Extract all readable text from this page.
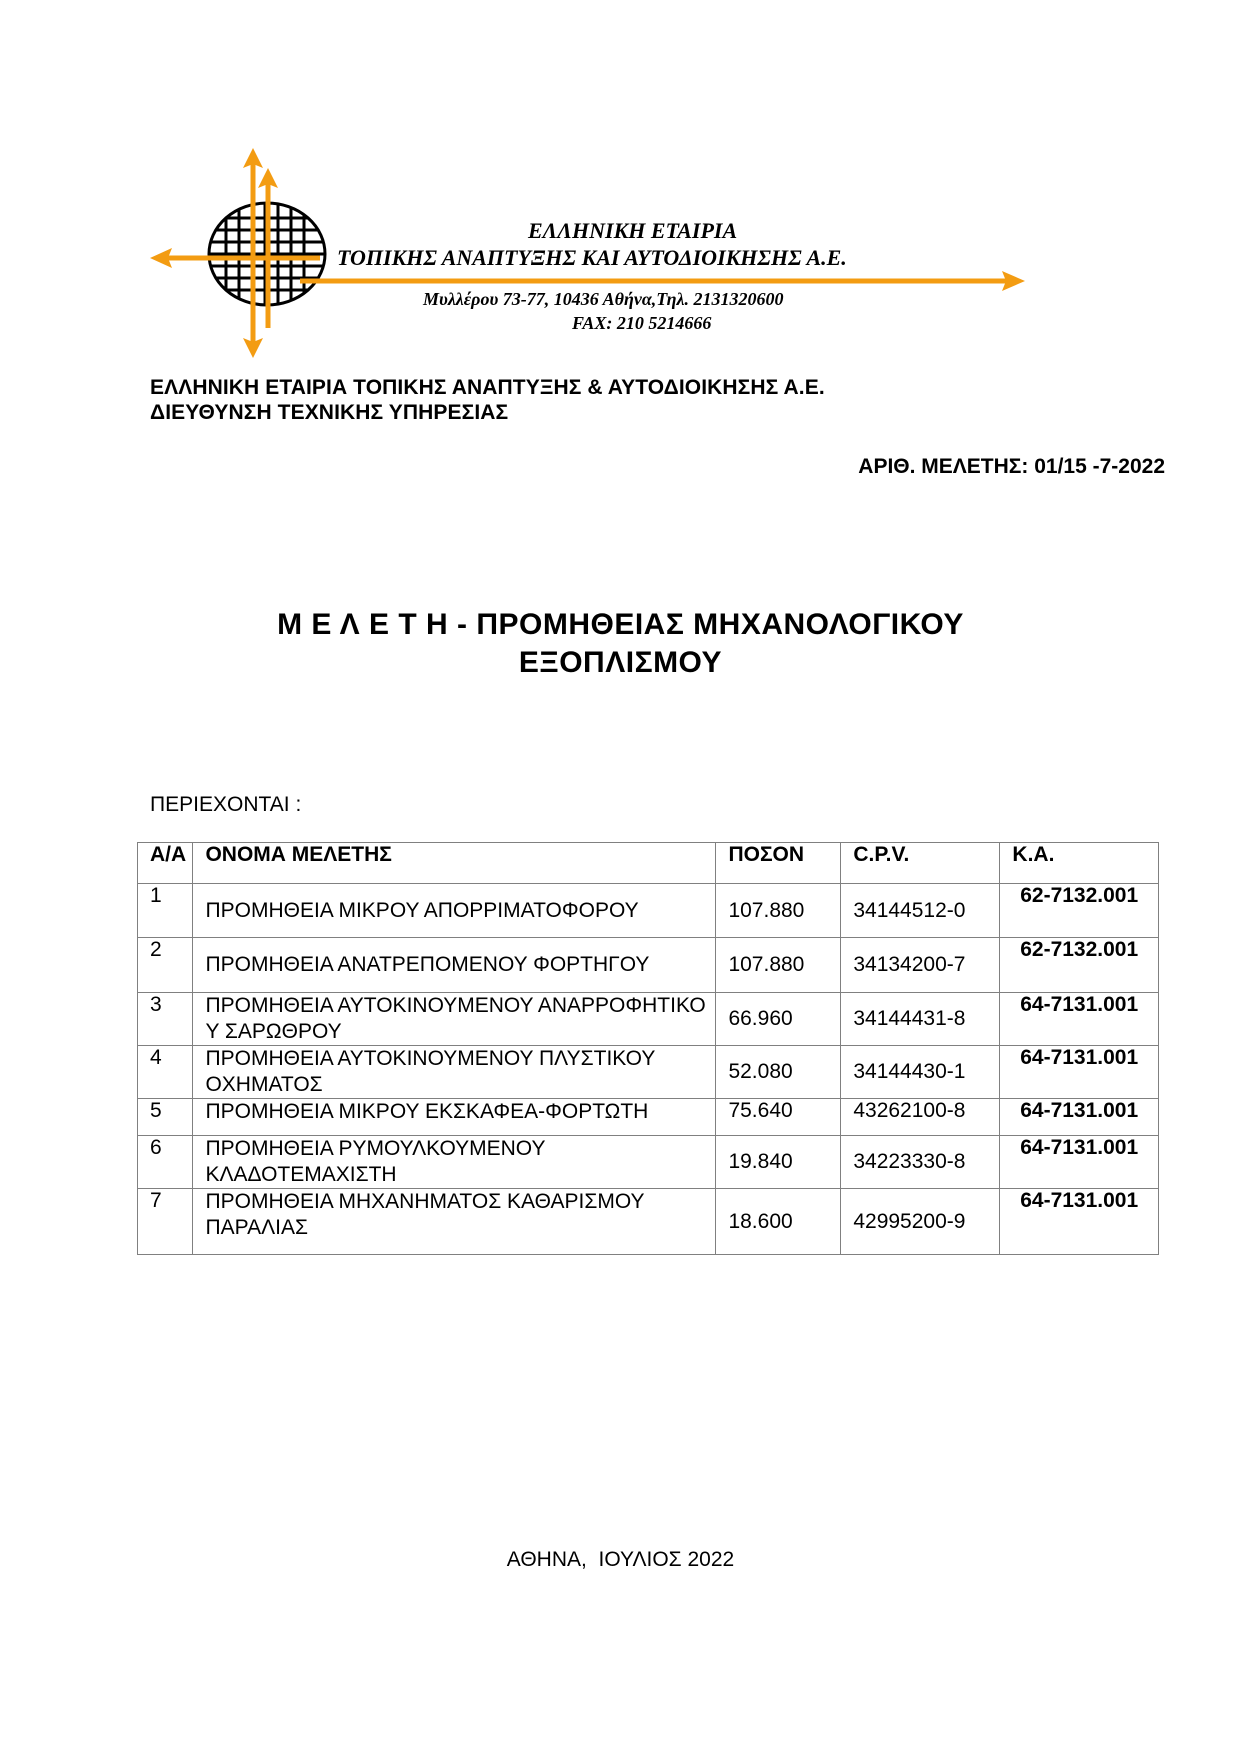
ΕΛΛΗΝΙΚΗ ΕΤΑΙΡΙΑ
ΤΟΠΙΚΗΣ ΑΝΑΠΤΥΞΗΣ ΚΑΙ ΑΥΤΟΔΙΟΙΚΗΣΗΣ Α.Ε.
Μυλλέρου 73-77, 10436 Αθήνα,Τηλ. 2131320600
FAX: 210 5214666
ΕΛΛΗΝΙΚΗ ΕΤΑΙΡΙΑ ΤΟΠΙΚΗΣ ΑΝΑΠΤΥΞΗΣ & ΑΥΤΟΔΙΟΙΚΗΣΗΣ Α.Ε.
ΔΙΕΥΘΥΝΣΗ ΤΕΧΝΙΚΗΣ ΥΠΗΡΕΣΙΑΣ
ΑΡΙΘ. ΜΕΛΕΤΗΣ: 01/15 -7-2022
Μ Ε Λ Ε Τ Η - ΠΡΟΜΗΘΕΙΑΣ ΜΗΧΑΝΟΛΟΓΙΚΟΥ
ΕΞΟΠΛΙΣΜΟΥ
ΠΕΡΙΕΧΟΝΤΑΙ :
Α/Α	ΟΝΟΜΑ ΜΕΛΕΤΗΣ	ΠΟΣΟΝ	C.P.V.	Κ.Α.
1	ΠΡΟΜΗΘΕΙΑ ΜΙΚΡΟΥ ΑΠΟΡΡΙΜΑΤΟΦΟΡΟΥ	107.880	34144512-0	62-7132.001
2	ΠΡΟΜΗΘΕΙΑ ΑΝΑΤΡΕΠΟΜΕΝΟΥ ΦΟΡΤΗΓΟΥ	107.880	34134200-7	62-7132.001
3	ΠΡΟΜΗΘΕΙΑ ΑΥΤΟΚΙΝΟΥΜΕΝΟΥ ΑΝΑΡΡΟΦΗΤΙΚΟΥ ΣΑΡΩΘΡΟΥ	66.960	34144431-8	64-7131.001
4	ΠΡΟΜΗΘΕΙΑ ΑΥΤΟΚΙΝΟΥΜΕΝΟΥ ΠΛΥΣΤΙΚΟΥ ΟΧΗΜΑΤΟΣ	52.080	34144430-1	64-7131.001
5	ΠΡΟΜΗΘΕΙΑ ΜΙΚΡΟΥ ΕΚΣΚΑΦΕΑ-ΦΟΡΤΩΤΗ	75.640	43262100-8	64-7131.001
6	ΠΡΟΜΗΘΕΙΑ ΡΥΜΟΥΛΚΟΥΜΕΝΟΥ ΚΛΑΔΟΤΕΜΑΧΙΣΤΗ	19.840	34223330-8	64-7131.001
7	ΠΡΟΜΗΘΕΙΑ ΜΗΧΑΝΗΜΑΤΟΣ ΚΑΘΑΡΙΣΜΟΥ ΠΑΡΑΛΙΑΣ	18.600	42995200-9	64-7131.001
ΑΘΗΝΑ,  ΙΟΥΛΙΟΣ 2022
